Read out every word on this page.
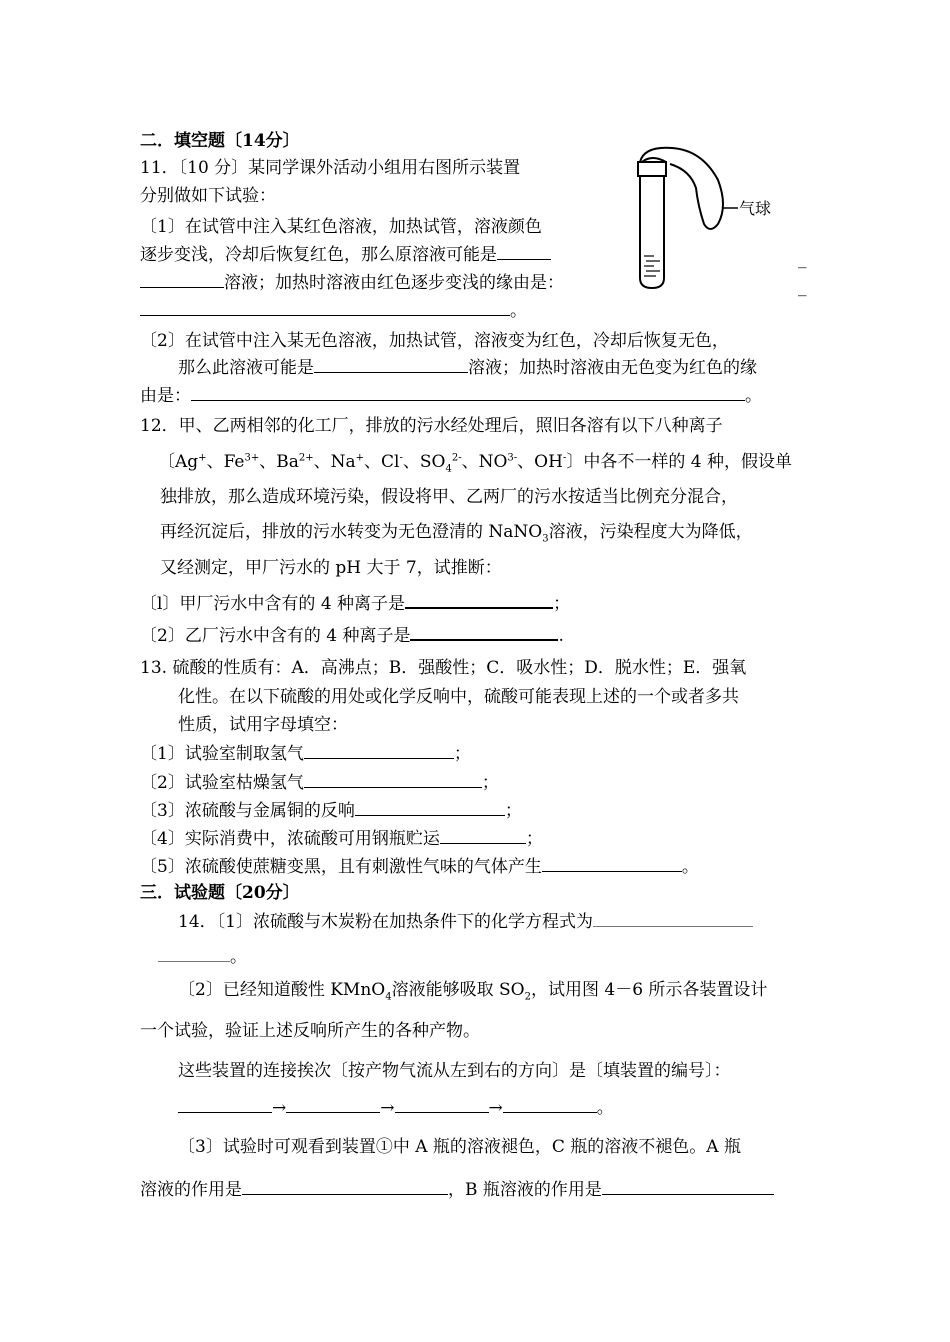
二．填空题〔14分〕
11．〔10 分〕某同学课外活动小组用右图所示装置
分别做如下试验：
〔1〕在试管中注入某红色溶液，加热试管，溶液颜色
逐步变浅，冷却后恢复红色，那么原溶液可能是
溶液；加热时溶液由红色逐步变浅的缘由是：
。
_
_
〔2〕在试管中注入某无色溶液，加热试管，溶液变为红色，冷却后恢复无色，
那么此溶液可能是	溶液；加热时溶液由无色变为红色的缘
由是：	。
气球
12．甲、乙两相邻的化工厂，排放的污水经处理后，照旧各溶有以下八种离子
〔Ag+、$Fe^{3+}$、$Ba^{2+}$、Na+、Cl-、$SO_4^{2-}$、$NO^{3-}$、OH-〕中各不一样的 4 种，假设单
独排放，那么造成环境污染，假设将甲、乙两厂的污水按适当比例充分混合，
再经沉淀后，排放的污水转变为无色澄清的 NaNO$_3$溶液，污染程度大为降低，
又经测定，甲厂污水的 pH 大于 7，试推断：
〔l〕甲厂污水中含有的 4 种离子是	；
〔2〕乙厂污水中含有的 4 种离子是	.
13. 硫酸的性质有：A．高沸点；B．强酸性；C．吸水性；D．脱水性；E．强氧
化性。在以下硫酸的用处或化学反响中，硫酸可能表现上述的一个或者多共
性质，试用字母填空：
〔1〕试验室制取氢气	；
〔2〕试验室枯燥氢气	；
〔3〕浓硫酸与金属铜的反响	；
〔4〕实际消费中，浓硫酸可用钢瓶贮运	；
〔5〕浓硫酸使蔗糖变黑，且有刺激性气味的气体产生	。
三．试验题〔20分〕
14．〔1〕浓硫酸与木炭粉在加热条件下的化学方程式为
。
〔2〕已经知道酸性 KMnO$_4$溶液能够吸取 $SO_2$，试用图 4－6 所示各装置设计
一个试验，验证上述反响所产生的各种产物。
这些装置的连接挨次〔按产物气流从左到右的方向〕是〔填装置的编号〕：
→	→	→	。
〔3〕试验时可观看到装置①中 A 瓶的溶液褪色，C 瓶的溶液不褪色。A 瓶
溶液的作用是	，B 瓶溶液的作用是
